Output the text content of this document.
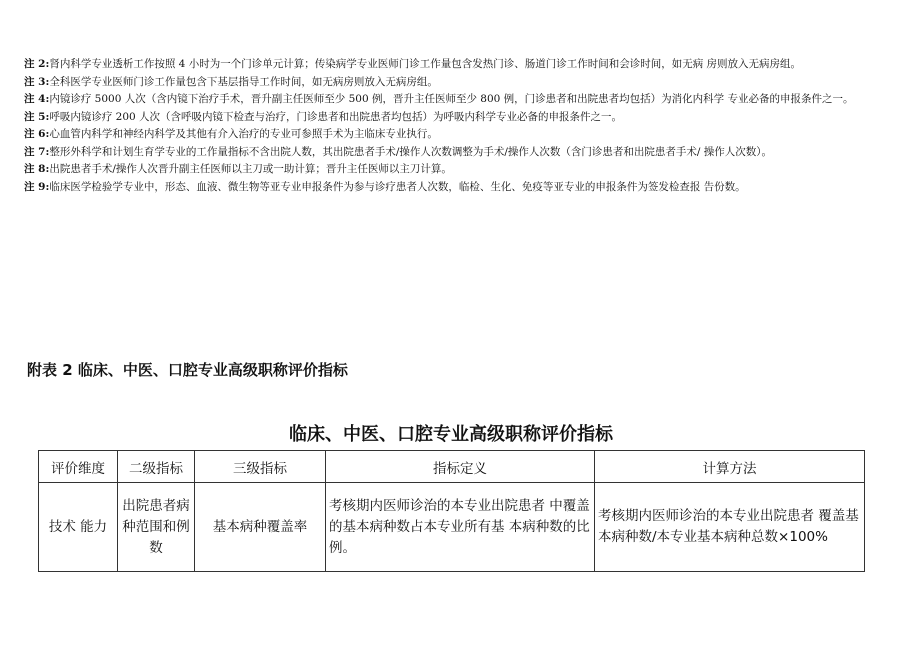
注 2:肾内科学专业透析工作按照 4 小时为一个门诊单元计算；传染病学专业医师门诊工作量包含发热门诊、肠道门诊工作时间和会诊时间，如无病 房则放入无病房组。

注 3:全科医学专业医师门诊工作量包含下基层指导工作时间，如无病房则放入无病房组。

注 4:内镜诊疗 5000 人次（含内镜下治疗手术，晋升副主任医师至少 500 例，晋升主任医师至少 800 例，门诊患者和出院患者均包括）为消化内科学 专业必备的申报条件之一。

注 5:呼吸内镜诊疗 200 人次（含呼吸内镜下检查与治疗，门诊患者和出院患者均包括）为呼吸内科学专业必备的申报条件之一。

注 6:心血管内科学和神经内科学及其他有介入治疗的专业可参照手术为主临床专业执行。

注 7:整形外科学和计划生育学专业的工作量指标不含出院人数，其出院患者手术/操作人次数调整为手术/操作人次数（含门诊患者和出院患者手术/ 操作人次数）。

注 8:出院患者手术/操作人次晋升副主任医师以主刀或一助计算；晋升主任医师以主刀计算。

注 9:临床医学检验学专业中，形态、血液、微生物等亚专业申报条件为参与诊疗患者人次数，临检、生化、免疫等亚专业的申报条件为签发检查报 告份数。

附表 2 临床、中医、口腔专业高级职称评价指标
临床、中医、口腔专业高级职称评价指标
评价维度	二级指标	三级指标	指标定义	计算方法
技术 能力	出院患者病种范围和例数	基本病种覆盖率	考核期内医师诊治的本专业出院患者 中覆盖的基本病种数占本专业所有基 本病种数的比例。	考核期内医师诊治的本专业出院患者 覆盖基本病种数/本专业基本病种总数×100%
